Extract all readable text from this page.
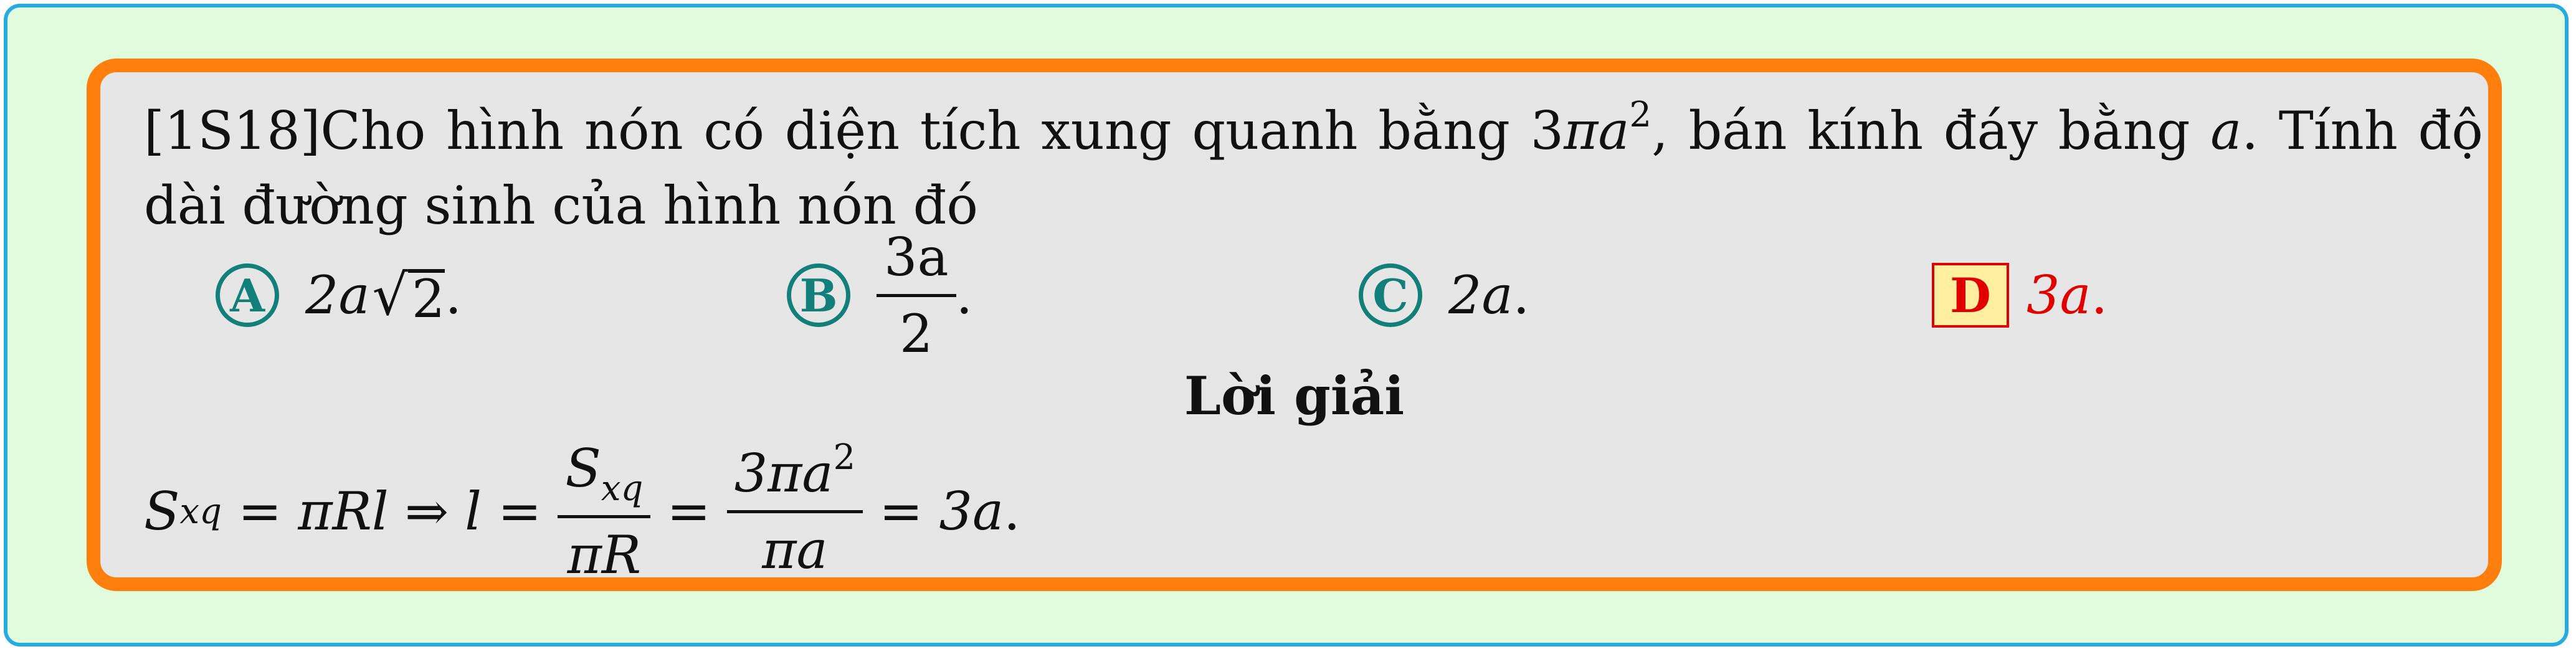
[1S18]Cho hình nón có diện tích xung quanh bằng $3\pi a^2$, bán kính đáy bằng a. Tính độ
dài đường sinh của hình nón đó
A 2a √ 2 .	B
3a
2
.	C 2a .	D 3a .
Lời giải
S xq = πRl ⇒ l =
$S_{xq}$
πR
=
$3\pi a^2$
πa
= 3a .
